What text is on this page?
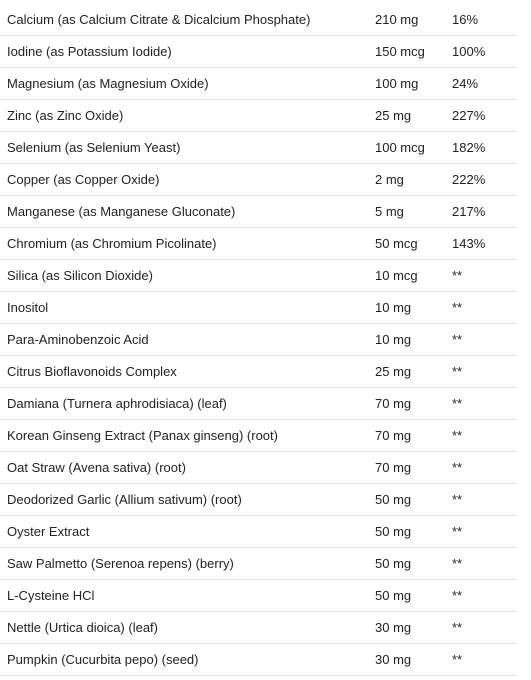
Calcium (as Calcium Citrate & Dicalcium Phosphate)	210 mg	16%
Iodine (as Potassium Iodide)	150 mcg	100%
Magnesium (as Magnesium Oxide)	100 mg	24%
Zinc (as Zinc Oxide)	25 mg	227%
Selenium (as Selenium Yeast)	100 mcg	182%
Copper (as Copper Oxide)	2 mg	222%
Manganese (as Manganese Gluconate)	5 mg	217%
Chromium (as Chromium Picolinate)	50 mcg	143%
Silica (as Silicon Dioxide)	10 mcg	**
Inositol	10 mg	**
Para-Aminobenzoic Acid	10 mg	**
Citrus Bioflavonoids Complex	25 mg	**
Damiana (Turnera aphrodisiaca) (leaf)	70 mg	**
Korean Ginseng Extract (Panax ginseng) (root)	70 mg	**
Oat Straw (Avena sativa) (root)	70 mg	**
Deodorized Garlic (Allium sativum) (root)	50 mg	**
Oyster Extract	50 mg	**
Saw Palmetto (Serenoa repens) (berry)	50 mg	**
L-Cysteine HCl	50 mg	**
Nettle (Urtica dioica) (leaf)	30 mg	**
Pumpkin (Cucurbita pepo) (seed)	30 mg	**
